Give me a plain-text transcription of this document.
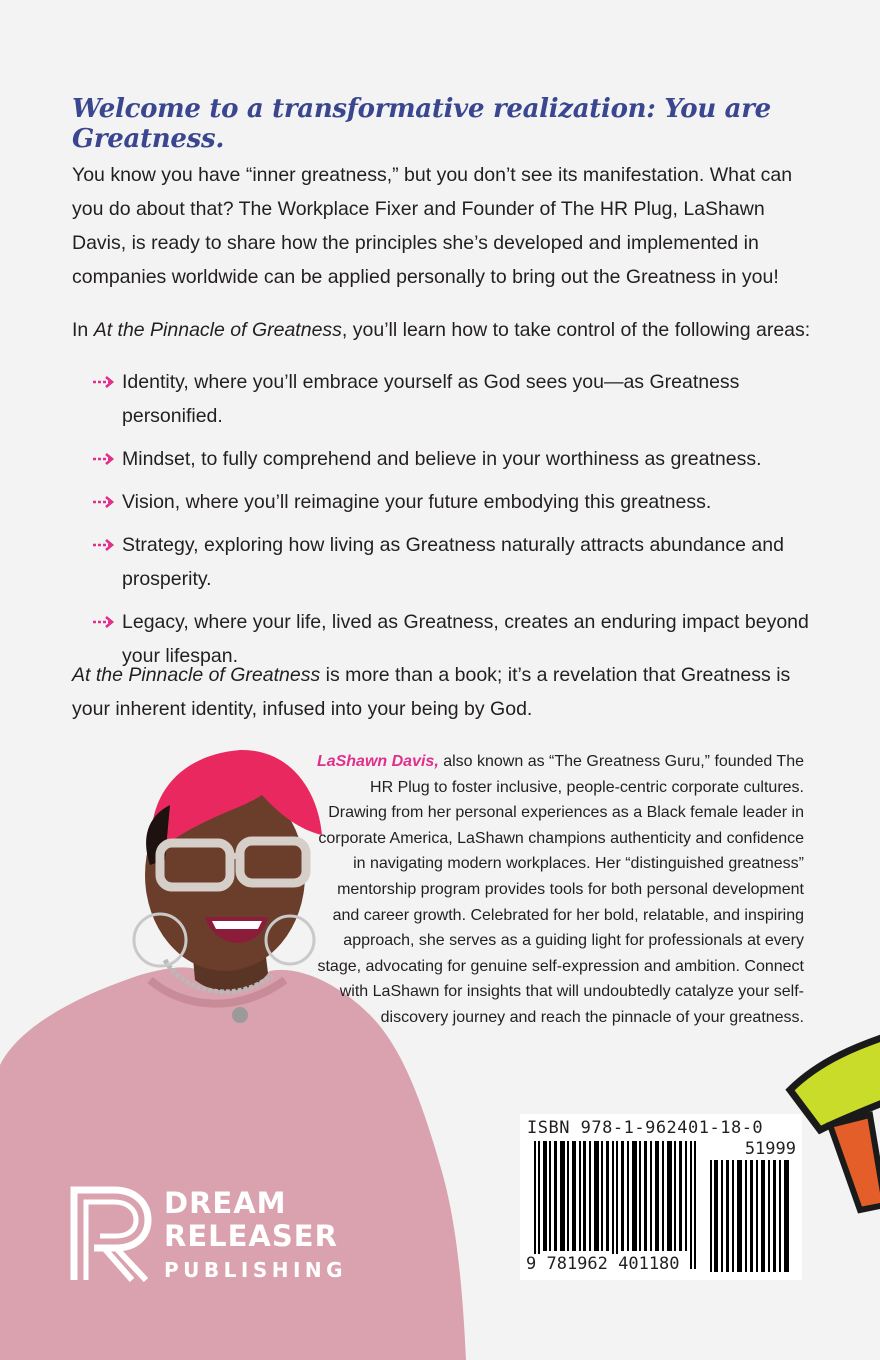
Welcome to a transformative realization: You are Greatness.

You know you have “inner greatness,” but you don’t see its manifestation. What can you do about that? The Workplace Fixer and Founder of The HR Plug, LaShawn Davis, is ready to share how the principles she’s developed and implemented in companies worldwide can be applied personally to bring out the Greatness in you!

In At the Pinnacle of Greatness, you’ll learn how to take control of the following areas:

Identity, where you’ll embrace yourself as God sees you—as Greatness personified.
Mindset, to fully comprehend and believe in your worthiness as greatness.
Vision, where you’ll reimagine your future embodying this greatness.
Strategy, exploring how living as Greatness naturally attracts abundance and prosperity.
Legacy, where your life, lived as Greatness, creates an enduring impact beyond your lifespan.

At the Pinnacle of Greatness is more than a book; it’s a revelation that Greatness is your inherent identity, infused into your being by God.

DREAM
RELEASER
PUBLISHING

LaShawn Davis, also known as “The Greatness Guru,” founded The HR Plug to foster inclusive, people-centric corporate cultures. Drawing from her personal experiences as a Black female leader in corporate America, LaShawn champions authenticity and confidence in navigating modern workplaces. Her “distinguished greatness” mentorship program provides tools for both personal development and career growth. Celebrated for her bold, relatable, and inspiring approach, she serves as a guiding light for professionals at every stage, advocating for genuine self-expression and ambition. Connect with LaShawn for insights that will undoubtedly catalyze your self-discovery journey and reach the pinnacle of your greatness.

ISBN 978-1-962401-18-0
51999
9 781962 401180
